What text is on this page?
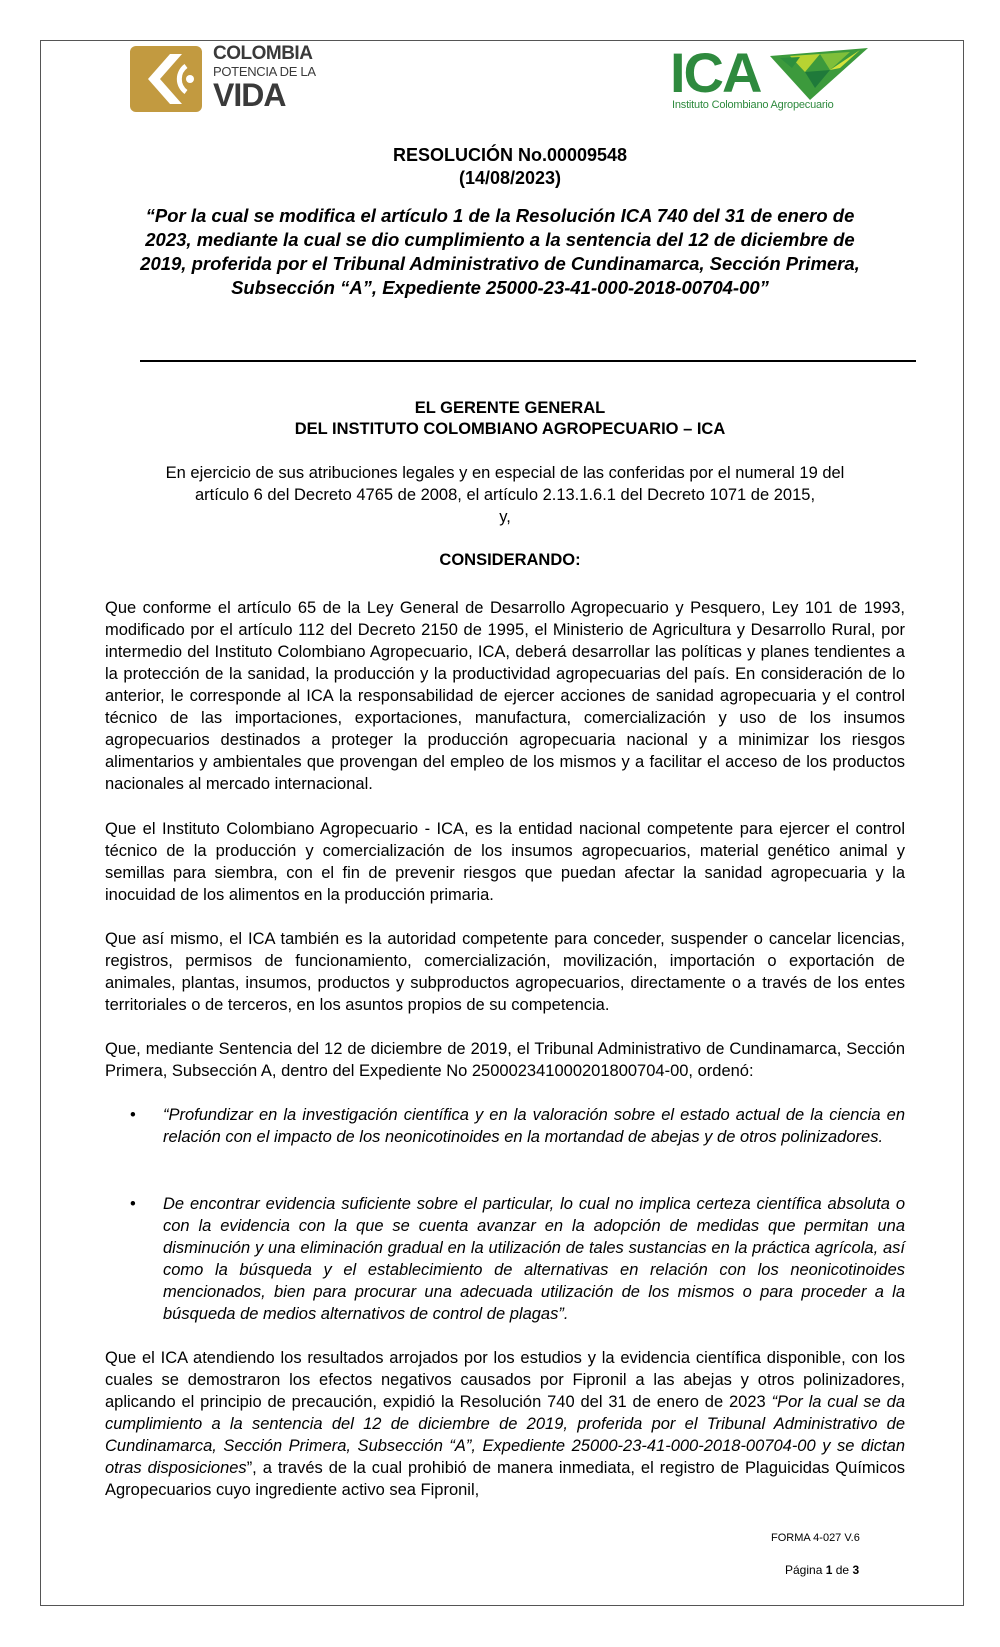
COLOMBIA
POTENCIA DE LA
VIDA	ICA
Instituto Colombiano Agropecuario
RESOLUCIÓN No.00009548
(14/08/2023)
“Por la cual se modifica el artículo 1 de la Resolución ICA 740 del 31 de enero de 2023, mediante la cual se dio cumplimiento a la sentencia del 12 de diciembre de 2019, proferida por el Tribunal Administrativo de Cundinamarca, Sección Primera, Subsección “A”, Expediente 25000-23-41-000-2018-00704-00”
EL GERENTE GENERAL
DEL INSTITUTO COLOMBIANO AGROPECUARIO – ICA
En ejercicio de sus atribuciones legales y en especial de las conferidas por el numeral 19 del artículo 6 del Decreto 4765 de 2008, el artículo 2.13.1.6.1 del Decreto 1071 de 2015,
y,
CONSIDERANDO:
Que conforme el artículo 65 de la Ley General de Desarrollo Agropecuario y Pesquero, Ley 101 de 1993, modificado por el artículo 112 del Decreto 2150 de 1995, el Ministerio de Agricultura y Desarrollo Rural, por intermedio del Instituto Colombiano Agropecuario, ICA, deberá desarrollar las políticas y planes tendientes a la protección de la sanidad, la producción y la productividad agropecuarias del país. En consideración de lo anterior, le corresponde al ICA la responsabilidad de ejercer acciones de sanidad agropecuaria y el control técnico de las importaciones, exportaciones, manufactura, comercialización y uso de los insumos agropecuarios destinados a proteger la producción agropecuaria nacional y a minimizar los riesgos alimentarios y ambientales que provengan del empleo de los mismos y a facilitar el acceso de los productos nacionales al mercado internacional.
Que el Instituto Colombiano Agropecuario - ICA, es la entidad nacional competente para ejercer el control técnico de la producción y comercialización de los insumos agropecuarios, material genético animal y semillas para siembra, con el fin de prevenir riesgos que puedan afectar la sanidad agropecuaria y la inocuidad de los alimentos en la producción primaria.
Que así mismo, el ICA también es la autoridad competente para conceder, suspender o cancelar licencias, registros, permisos de funcionamiento, comercialización, movilización, importación o exportación de animales, plantas, insumos, productos y subproductos agropecuarios, directamente o a través de los entes territoriales o de terceros, en los asuntos propios de su competencia.
Que, mediante Sentencia del 12 de diciembre de 2019, el Tribunal Administrativo de Cundinamarca, Sección Primera, Subsección A, dentro del Expediente No 25000234100020180070​4-00, ordenó:
• “Profundizar en la investigación científica y en la valoración sobre el estado actual de la ciencia en relación con el impacto de los neonicotinoides en la mortandad de abejas y de otros polinizadores.
• De encontrar evidencia suficiente sobre el particular, lo cual no implica certeza científica absoluta o con la evidencia con la que se cuenta avanzar en la adopción de medidas que permitan una disminución y una eliminación gradual en la utilización de tales sustancias en la práctica agrícola, así como la búsqueda y el establecimiento de alternativas en relación con los neonicotinoides mencionados, bien para procurar una adecuada utilización de los mismos o para proceder a la búsqueda de medios alternativos de control de plagas”.
Que el ICA atendiendo los resultados arrojados por los estudios y la evidencia científica disponible, con los cuales se demostraron los efectos negativos causados por Fipronil a las abejas y otros polinizadores, aplicando el principio de precaución, expidió la Resolución 740 del 31 de enero de 2023 “Por la cual se da cumplimiento a la sentencia del 12 de diciembre de 2019, proferida por el Tribunal Administrativo de Cundinamarca, Sección Primera, Subsección “A”, Expediente 25000-23-41-000-2018-00704-00 y se dictan otras disposiciones”, a través de la cual prohibió de manera inmediata, el registro de Plaguicidas Químicos Agropecuarios cuyo ingrediente activo sea Fipronil,
FORMA 4-027 V.6
Página 1 de 3
